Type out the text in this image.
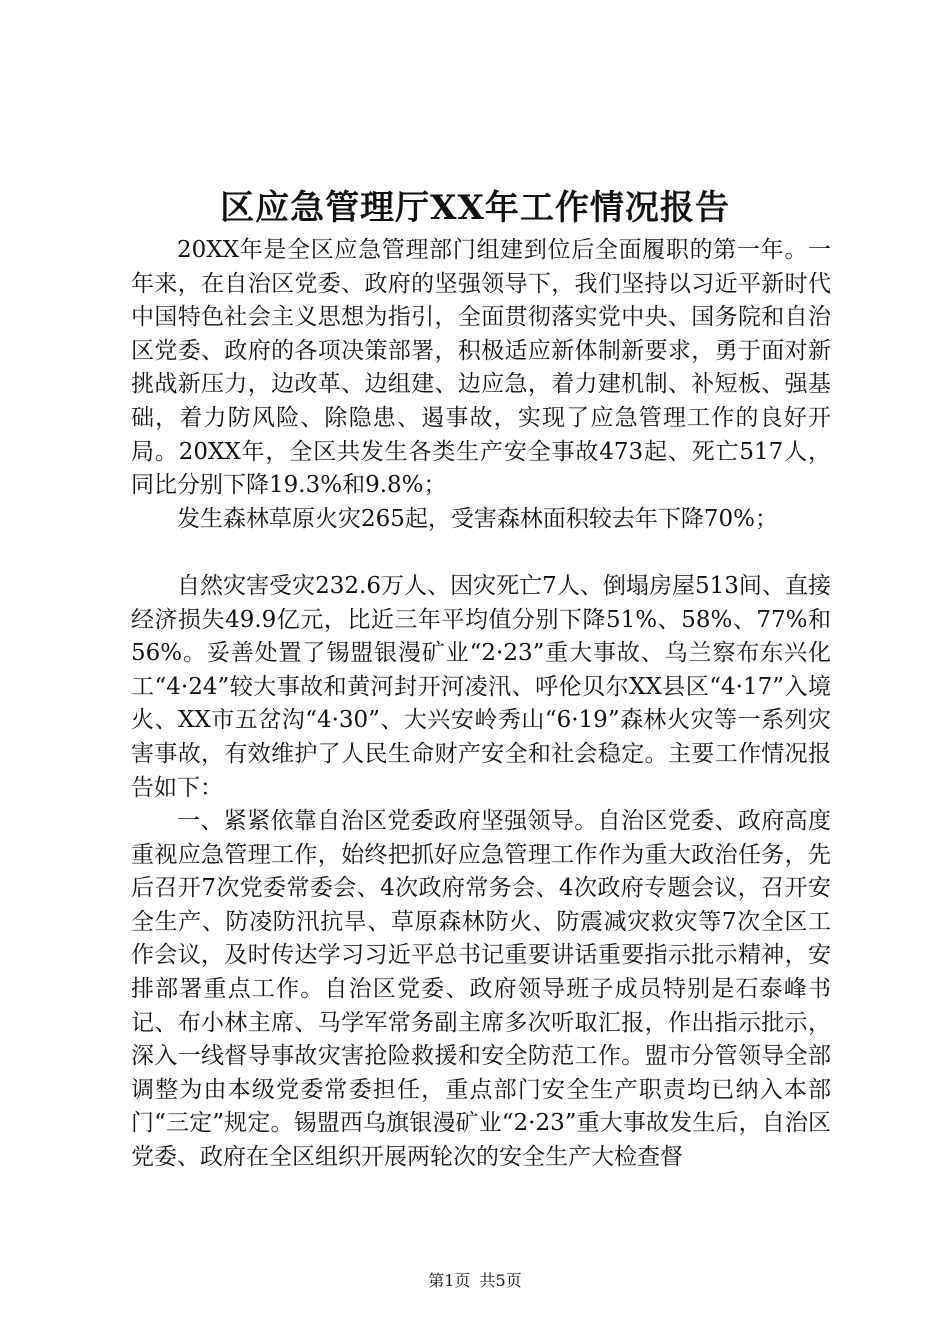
区应急管理厅XX年工作情况报告

20XX年是全区应急管理部门组建到位后全面履职的第一年。一年来，在自治区党委、政府的坚强领导下，我们坚持以习近平新时代中国特色社会主义思想为指引，全面贯彻落实党中央、国务院和自治区党委、政府的各项决策部署，积极适应新体制新要求，勇于面对新挑战新压力，边改革、边组建、边应急，着力建机制、补短板、强基础，着力防风险、除隐患、遏事故，实现了应急管理工作的良好开局。20XX年，全区共发生各类生产安全事故473起、死亡517人，同比分别下降19.3%和9.8%；

发生森林草原火灾265起，受害森林面积较去年下降70%；

自然灾害受灾232.6万人、因灾死亡7人、倒塌房屋513间、直接经济损失49.9亿元，比近三年平均值分别下降51%、58%、77%和56%。妥善处置了锡盟银漫矿业“2·23”重大事故、乌兰察布东兴化工“4·24”较大事故和黄河封开河凌汛、呼伦贝尔XX县区“4·17”入境火、XX市五岔沟“4·30”、大兴安岭秀山“6·19”森林火灾等一系列灾害事故，有效维护了人民生命财产安全和社会稳定。主要工作情况报告如下：

一、紧紧依靠自治区党委政府坚强领导。自治区党委、政府高度重视应急管理工作，始终把抓好应急管理工作作为重大政治任务，先后召开7次党委常委会、4次政府常务会、4次政府专题会议，召开安全生产、防凌防汛抗旱、草原森林防火、防震减灾救灾等7次全区工作会议，及时传达学习习近平总书记重要讲话重要指示批示精神，安排部署重点工作。自治区党委、政府领导班子成员特别是石泰峰书记、布小林主席、马学军常务副主席多次听取汇报，作出指示批示，深入一线督导事故灾害抢险救援和安全防范工作。盟市分管领导全部调整为由本级党委常委担任，重点部门安全生产职责均已纳入本部门“三定”规定。锡盟西乌旗银漫矿业“2·23”重大事故发生后，自治区党委、政府在全区组织开展两轮次的安全生产大检查督

第1页 共5页
